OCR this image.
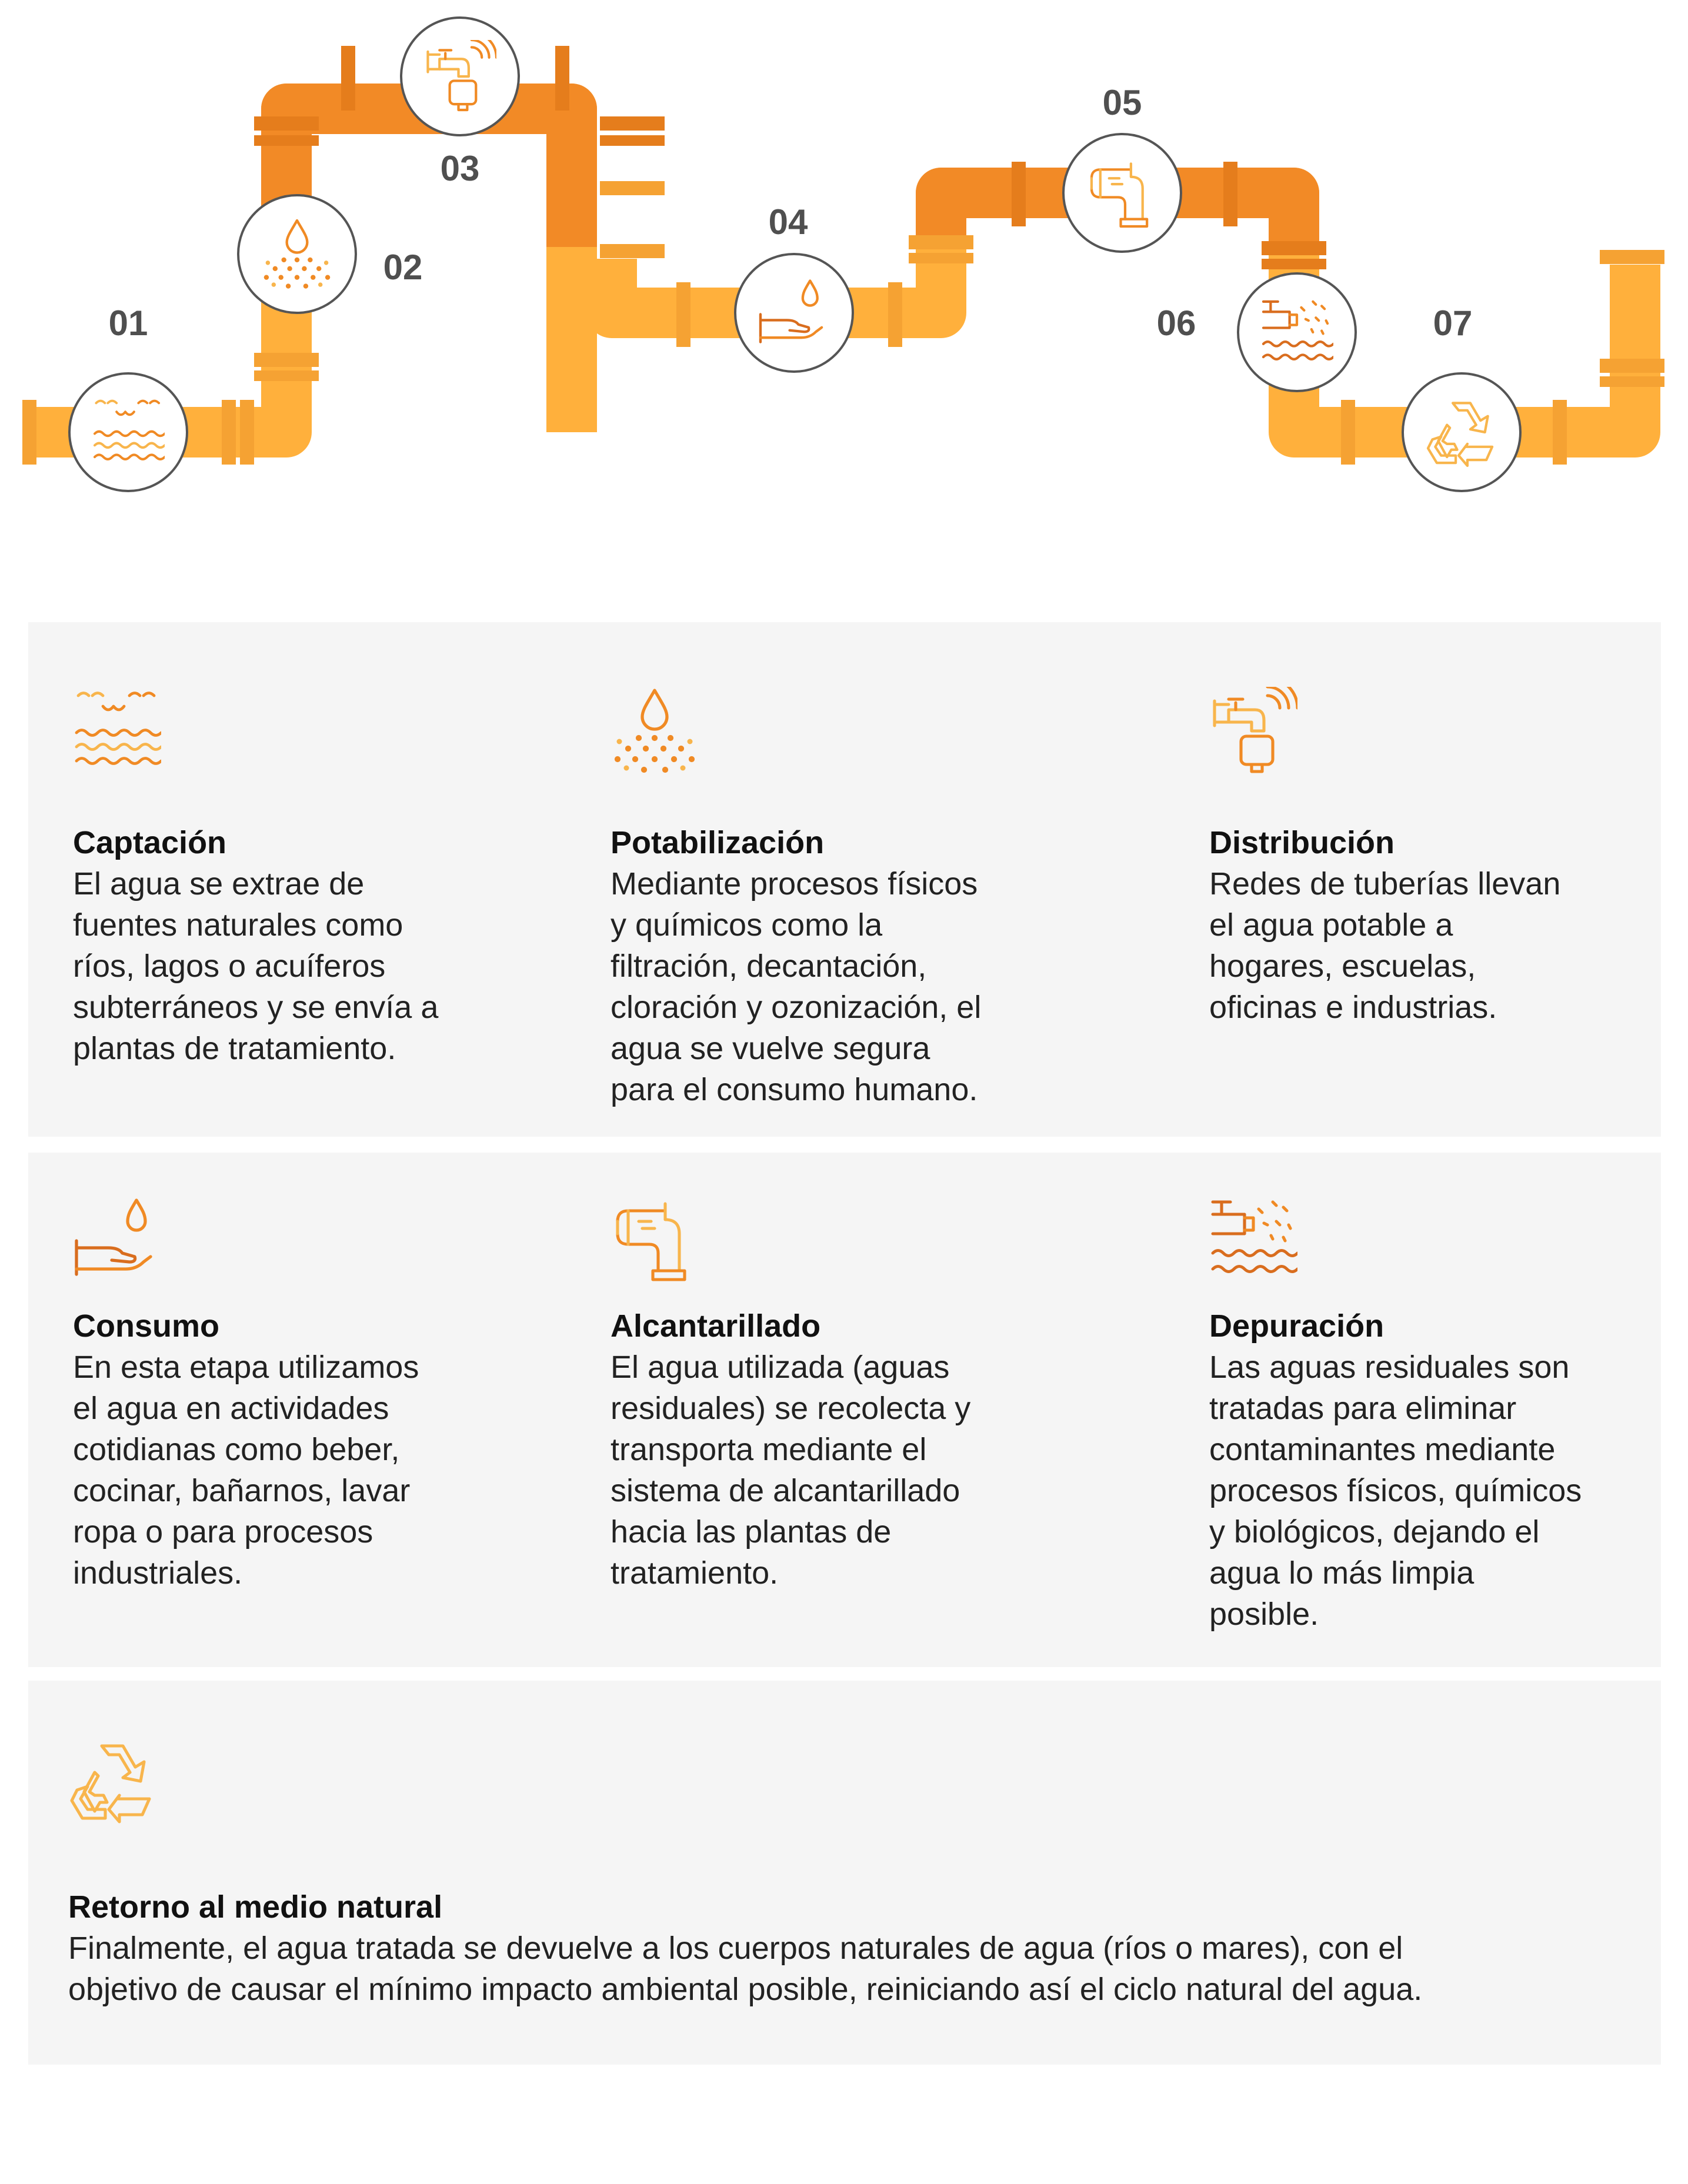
01
02
03
04
05
06	07
Captación

El agua se extrae de
fuentes naturales como
ríos, lagos o acuíferos
subterráneos y se envía a
plantas de tratamiento.

Potabilización

Mediante procesos físicos
y químicos como la
filtración, decantación,
cloración y ozonización, el
agua se vuelve segura
para el consumo humano.

Distribución

Redes de tuberías llevan
el agua potable a
hogares, escuelas,
oficinas e industrias.

Consumo

En esta etapa utilizamos
el agua en actividades
cotidianas como beber,
cocinar, bañarnos, lavar
ropa o para procesos
industriales.

Alcantarillado

El agua utilizada (aguas
residuales) se recolecta y
transporta mediante el
sistema de alcantarillado
hacia las plantas de
tratamiento.

Depuración

Las aguas residuales son
tratadas para eliminar
contaminantes mediante
procesos físicos, químicos
y biológicos, dejando el
agua lo más limpia
posible.

Retorno al medio natural

Finalmente, el agua tratada se devuelve a los cuerpos naturales de agua (ríos o mares), con el
objetivo de causar el mínimo impacto ambiental posible, reiniciando así el ciclo natural del agua.
